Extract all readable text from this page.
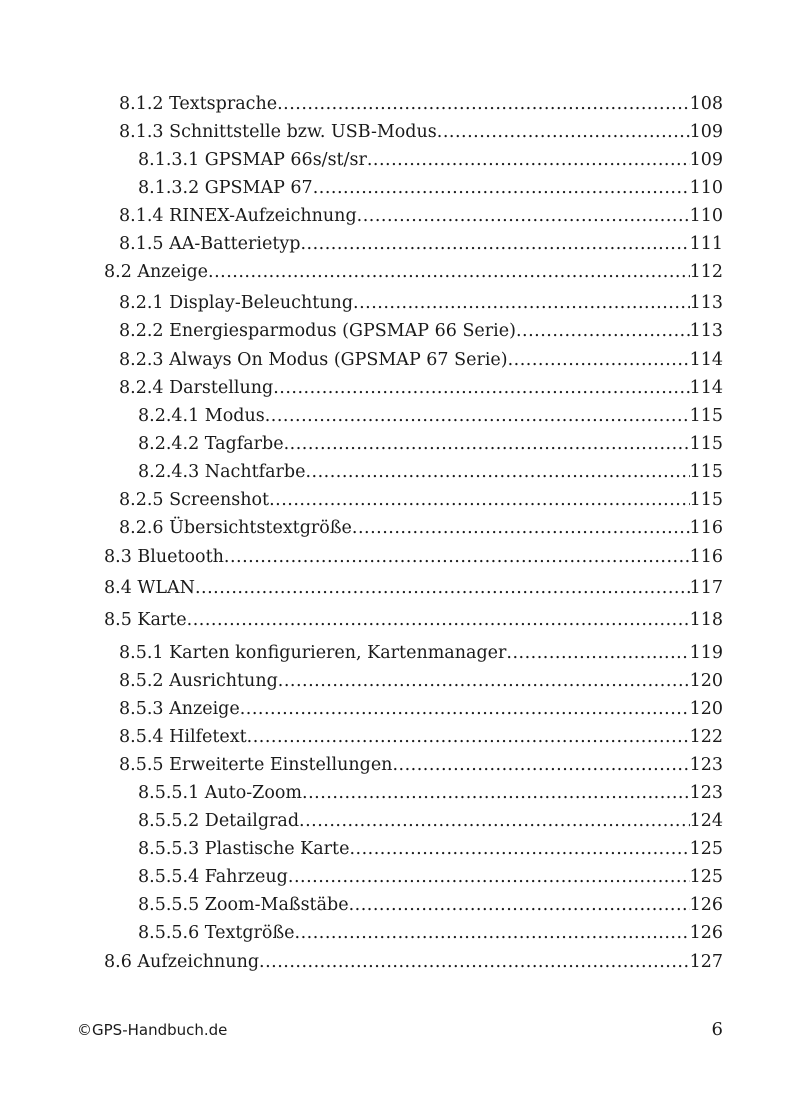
8.1.2 Textsprache .....	108
8.1.3 Schnittstelle bzw. USB-Modus .....	109
8.1.3.1 GPSMAP 66s/st/sr .....	109
8.1.3.2 GPSMAP 67 .....	110
8.1.4 RINEX-Aufzeichnung .....	110
8.1.5 AA-Batterietyp .....	111
8.2 Anzeige .....	112
8.2.1 Display-Beleuchtung .....	113
8.2.2 Energiesparmodus (GPSMAP 66 Serie) .....	113
8.2.3 Always On Modus (GPSMAP 67 Serie) .....	114
8.2.4 Darstellung .....	114
8.2.4.1 Modus .....	115
8.2.4.2 Tagfarbe .....	115
8.2.4.3 Nachtfarbe .....	115
8.2.5 Screenshot .....	115
8.2.6 Übersichtstextgröße .....	116
8.3 Bluetooth .....	116
8.4 WLAN .....	117
8.5 Karte .....	118
8.5.1 Karten konfigurieren, Kartenmanager .....	119
8.5.2 Ausrichtung .....	120
8.5.3 Anzeige .....	120
8.5.4 Hilfetext .....	122
8.5.5 Erweiterte Einstellungen .....	123
8.5.5.1 Auto-Zoom .....	123
8.5.5.2 Detailgrad .....	124
8.5.5.3 Plastische Karte .....	125
8.5.5.4 Fahrzeug .....	125
8.5.5.5 Zoom-Maßstäbe .....	126
8.5.5.6 Textgröße .....	126
8.6 Aufzeichnung .....	127
©GPS-Handbuch.de	6
